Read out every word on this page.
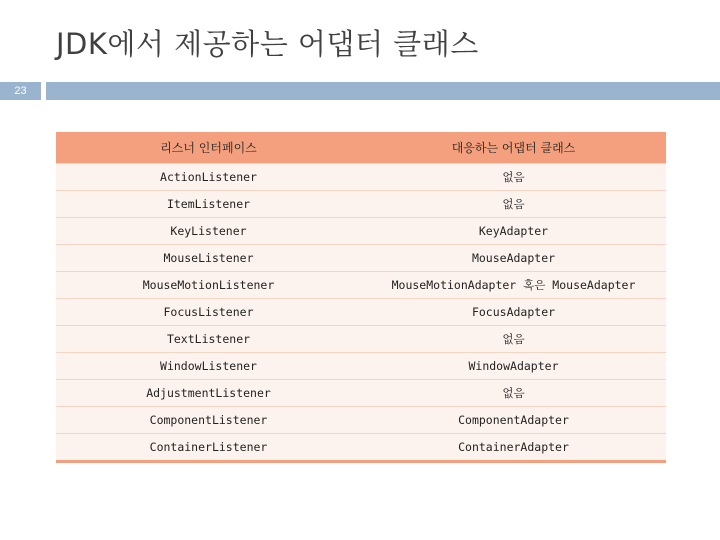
JDK에서 제공하는 어댑터 클래스
23
리스너 인터페이스	대응하는 어댑터 클래스
ActionListener	없음
ItemListener	없음
KeyListener	KeyAdapter
MouseListener	MouseAdapter
MouseMotionListener	MouseMotionAdapter 혹은 MouseAdapter
FocusListener	FocusAdapter
TextListener	없음
WindowListener	WindowAdapter
AdjustmentListener	없음
ComponentListener	ComponentAdapter
ContainerListener	ContainerAdapter
